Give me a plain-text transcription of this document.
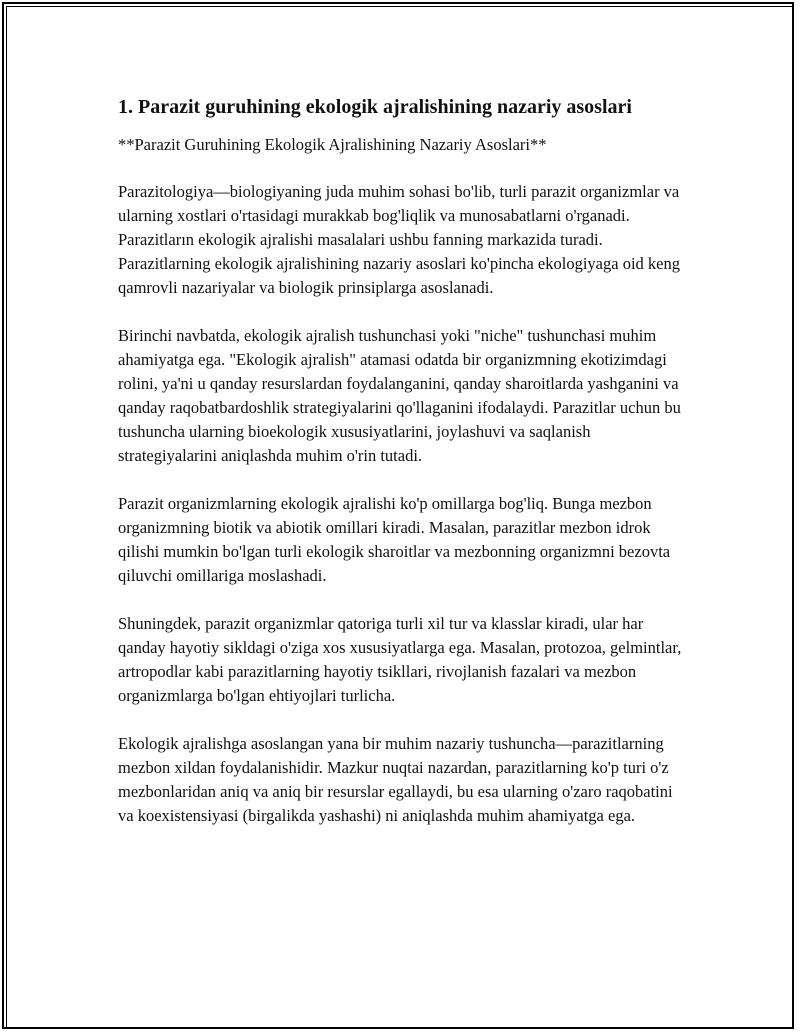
1. Parazit guruhining ekologik ajralishining nazariy asoslari

**Parazit Guruhining Ekologik Ajralishining Nazariy Asoslari**

Parazitologiya—biologiyaning juda muhim sohasi bo'lib, turli parazit organizmlar va ularning xostlari o'rtasidagi murakkab bog'liqlik va munosabatlarni o'rganadi. Parazitların ekologik ajralishi masalalari ushbu fanning markazida turadi. Parazitlarning ekologik ajralishining nazariy asoslari ko'pincha ekologiyaga oid keng qamrovli nazariyalar va biologik prinsiplarga asoslanadi.

Birinchi navbatda, ekologik ajralish tushunchasi yoki "niche" tushunchasi muhim ahamiyatga ega. "Ekologik ajralish" atamasi odatda bir organizmning ekotizimdagi rolini, ya'ni u qanday resurslardan foydalanganini, qanday sharoitlarda yashganini va qanday raqobatbardoshlik strategiyalarini qo'llaganini ifodalaydi. Parazitlar uchun bu tushuncha ularning bioekologik xususiyatlarini, joylashuvi va saqlanish strategiyalarini aniqlashda muhim o'rin tutadi.

Parazit organizmlarning ekologik ajralishi ko'p omillarga bog'liq. Bunga mezbon organizmning biotik va abiotik omillari kiradi. Masalan, parazitlar mezbon idrok qilishi mumkin bo'lgan turli ekologik sharoitlar va mezbonning organizmni bezovta qiluvchi omillariga moslashadi.

Shuningdek, parazit organizmlar qatoriga turli xil tur va klasslar kiradi, ular har qanday hayotiy sikldagi o'ziga xos xususiyatlarga ega. Masalan, protozoa, gelmintlar, artropodlar kabi parazitlarning hayotiy tsikllari, rivojlanish fazalari va mezbon organizmlarga bo'lgan ehtiyojlari turlicha.

Ekologik ajralishga asoslangan yana bir muhim nazariy tushuncha—parazitlarning mezbon xildan foydalanishidir. Mazkur nuqtai nazardan, parazitlarning ko'p turi o'z mezbonlaridan aniq va aniq bir resurslar egallaydi, bu esa ularning o'zaro raqobatini va koexistensiyasi (birgalikda yashashi) ni aniqlashda muhim ahamiyatga ega.
